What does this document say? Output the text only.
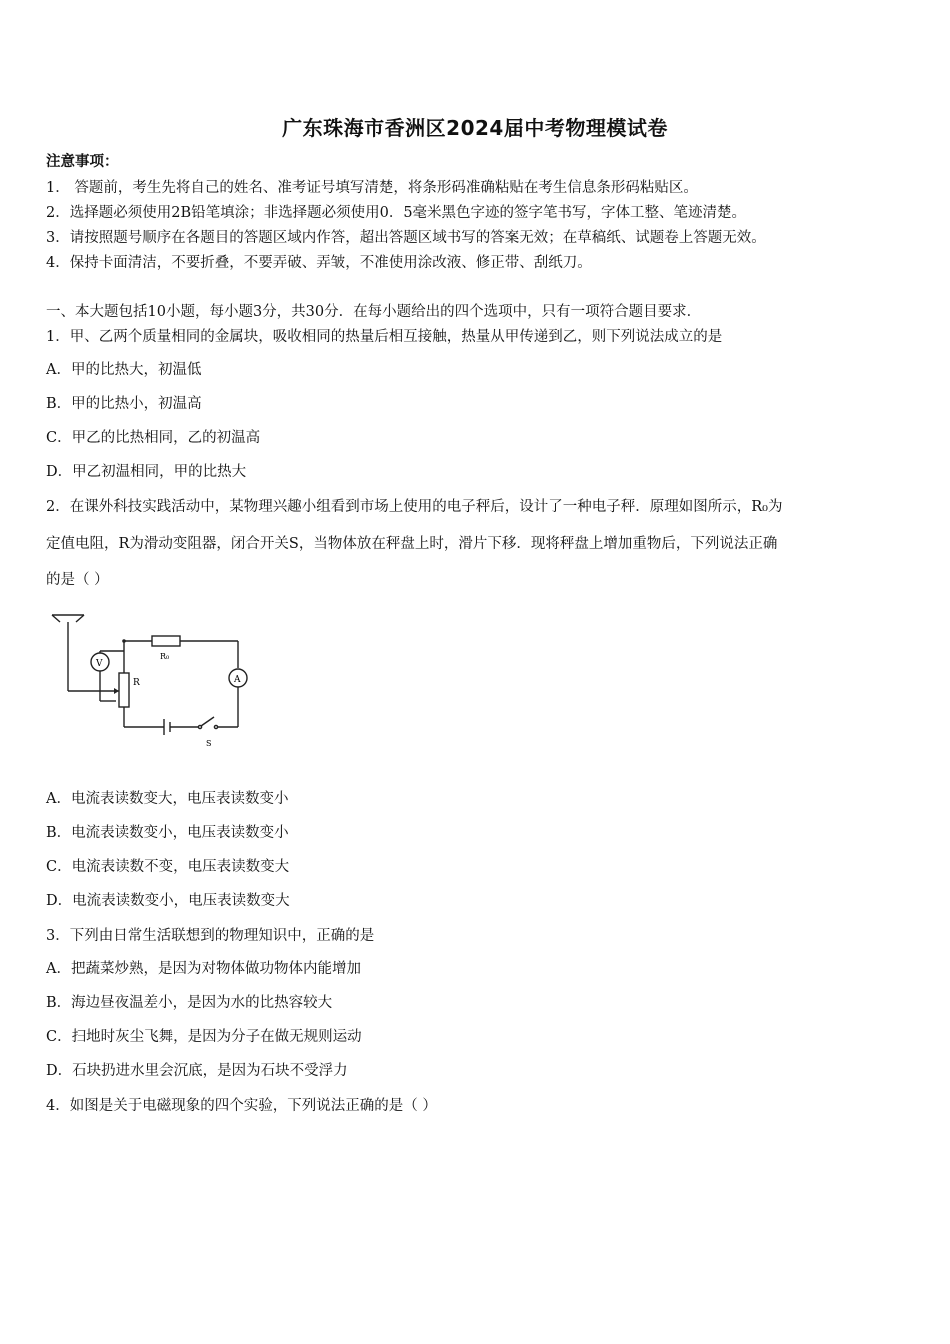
广东珠海市香洲区2024届中考物理模试卷
注意事项：
1． 答题前，考生先将自己的姓名、准考证号填写清楚，将条形码准确粘贴在考生信息条形码粘贴区。
2．选择题必须使用2B铅笔填涂；非选择题必须使用0．5毫米黑色字迹的签字笔书写，字体工整、笔迹清楚。
3．请按照题号顺序在各题目的答题区域内作答，超出答题区域书写的答案无效；在草稿纸、试题卷上答题无效。
4．保持卡面清洁，不要折叠，不要弄破、弄皱，不准使用涂改液、修正带、刮纸刀。
一、本大题包括10小题，每小题3分，共30分．在每小题给出的四个选项中，只有一项符合题目要求．
1．甲、乙两个质量相同的金属块，吸收相同的热量后相互接触，热量从甲传递到乙，则下列说法成立的是
A．甲的比热大，初温低
B．甲的比热小，初温高
C．甲乙的比热相同，乙的初温高
D．甲乙初温相同，甲的比热大
2．在课外科技实践活动中，某物理兴趣小组看到市场上使用的电子秤后，设计了一种电子秤．原理如图所示，R₀为
定值电阻，R为滑动变阻器，闭合开关S，当物体放在秤盘上时，滑片下移．现将秤盘上增加重物后，下列说法正确
的是（ ）
R₀
R
V
A
S
A．电流表读数变大，电压表读数变小
B．电流表读数变小，电压表读数变小
C．电流表读数不变，电压表读数变大
D．电流表读数变小，电压表读数变大
3．下列由日常生活联想到的物理知识中，正确的是
A．把蔬菜炒熟，是因为对物体做功物体内能增加
B．海边昼夜温差小，是因为水的比热容较大
C．扫地时灰尘飞舞，是因为分子在做无规则运动
D．石块扔进水里会沉底，是因为石块不受浮力
4．如图是关于电磁现象的四个实验，下列说法正确的是（ ）
